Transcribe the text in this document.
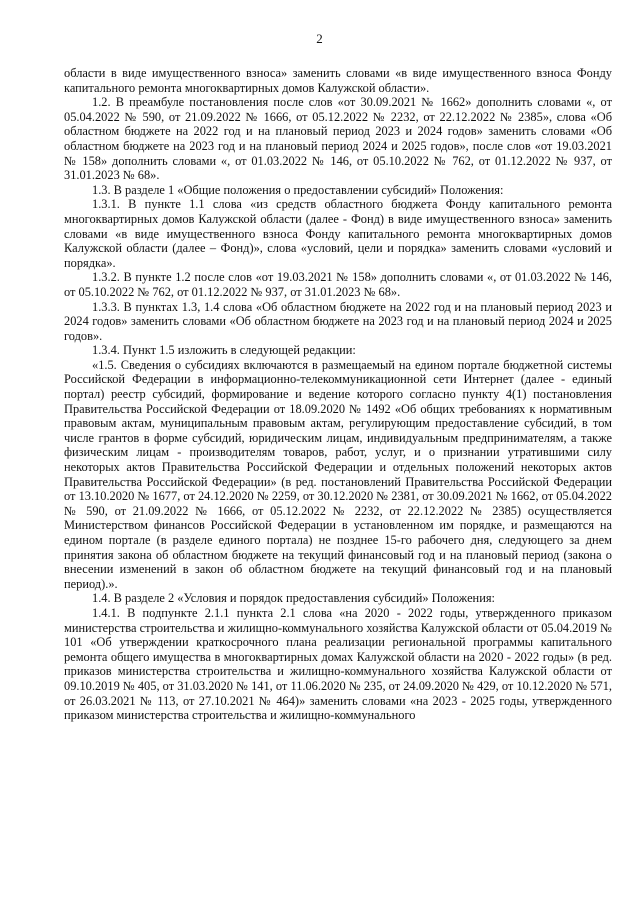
2

области в виде имущественного взноса» заменить словами «в виде имущественного взноса Фонду капитального ремонта многоквартирных домов Калужской области».

1.2. В преамбуле постановления после слов «от 30.09.2021 № 1662» дополнить словами «, от 05.04.2022 № 590, от 21.09.2022 № 1666, от 05.12.2022 № 2232, от 22.12.2022 № 2385», слова «Об областном бюджете на 2022 год и на плановый период 2023 и 2024 годов» заменить словами «Об областном бюджете на 2023 год и на плановый период 2024 и 2025 годов», после слов «от 19.03.2021 № 158» дополнить словами «, от 01.03.2022 № 146, от 05.10.2022 № 762, от 01.12.2022 № 937, от 31.01.2023 № 68».

1.3. В разделе 1 «Общие положения о предоставлении субсидий» Положения:

1.3.1. В пункте 1.1 слова «из средств областного бюджета Фонду капитального ремонта многоквартирных домов Калужской области (далее - Фонд) в виде имущественного взноса» заменить словами «в виде имущественного взноса Фонду капитального ремонта многоквартирных домов Калужской области (далее – Фонд)», слова «условий, цели и порядка» заменить словами «условий и порядка».

1.3.2. В пункте 1.2 после слов «от 19.03.2021 № 158» дополнить словами «, от 01.03.2022 № 146, от 05.10.2022 № 762, от 01.12.2022 № 937, от 31.01.2023 № 68».

1.3.3. В пунктах 1.3, 1.4 слова «Об областном бюджете на 2022 год и на плановый период 2023 и 2024 годов» заменить словами «Об областном бюджете на 2023 год и на плановый период 2024 и 2025 годов».

1.3.4. Пункт 1.5 изложить в следующей редакции:

«1.5. Сведения о субсидиях включаются в размещаемый на едином портале бюджетной системы Российской Федерации в информационно-телекоммуникационной сети Интернет (далее - единый портал) реестр субсидий, формирование и ведение которого согласно пункту 4(1) постановления Правительства Российской Федерации от 18.09.2020 № 1492 «Об общих требованиях к нормативным правовым актам, муниципальным правовым актам, регулирующим предоставление субсидий, в том числе грантов в форме субсидий, юридическим лицам, индивидуальным предпринимателям, а также физическим лицам - производителям товаров, работ, услуг, и о признании утратившими силу некоторых актов Правительства Российской Федерации и отдельных положений некоторых актов Правительства Российской Федерации» (в ред. постановлений Правительства Российской Федерации от 13.10.2020 № 1677, от 24.12.2020 № 2259, от 30.12.2020 № 2381, от 30.09.2021 № 1662, от 05.04.2022 № 590, от 21.09.2022 № 1666, от 05.12.2022 № 2232, от 22.12.2022 № 2385) осуществляется Министерством финансов Российской Федерации в установленном им порядке, и размещаются на едином портале (в разделе единого портала) не позднее 15-го рабочего дня, следующего за днем принятия закона об областном бюджете на текущий финансовый год и на плановый период (закона о внесении изменений в закон об областном бюджете на текущий финансовый год и на плановый период).».

1.4. В разделе 2 «Условия и порядок предоставления субсидий» Положения:

1.4.1. В подпункте 2.1.1 пункта 2.1 слова «на 2020 - 2022 годы, утвержденного приказом министерства строительства и жилищно-коммунального хозяйства Калужской области от 05.04.2019 № 101 «Об утверждении краткосрочного плана реализации региональной программы капитального ремонта общего имущества в многоквартирных домах Калужской области на 2020 - 2022 годы» (в ред. приказов министерства строительства и жилищно-коммунального хозяйства Калужской области от 09.10.2019 № 405, от 31.03.2020 № 141, от 11.06.2020 № 235, от 24.09.2020 № 429, от 10.12.2020 № 571, от 26.03.2021 № 113, от 27.10.2021 № 464)» заменить словами «на 2023 - 2025 годы, утвержденного приказом министерства строительства и жилищно-коммунального
